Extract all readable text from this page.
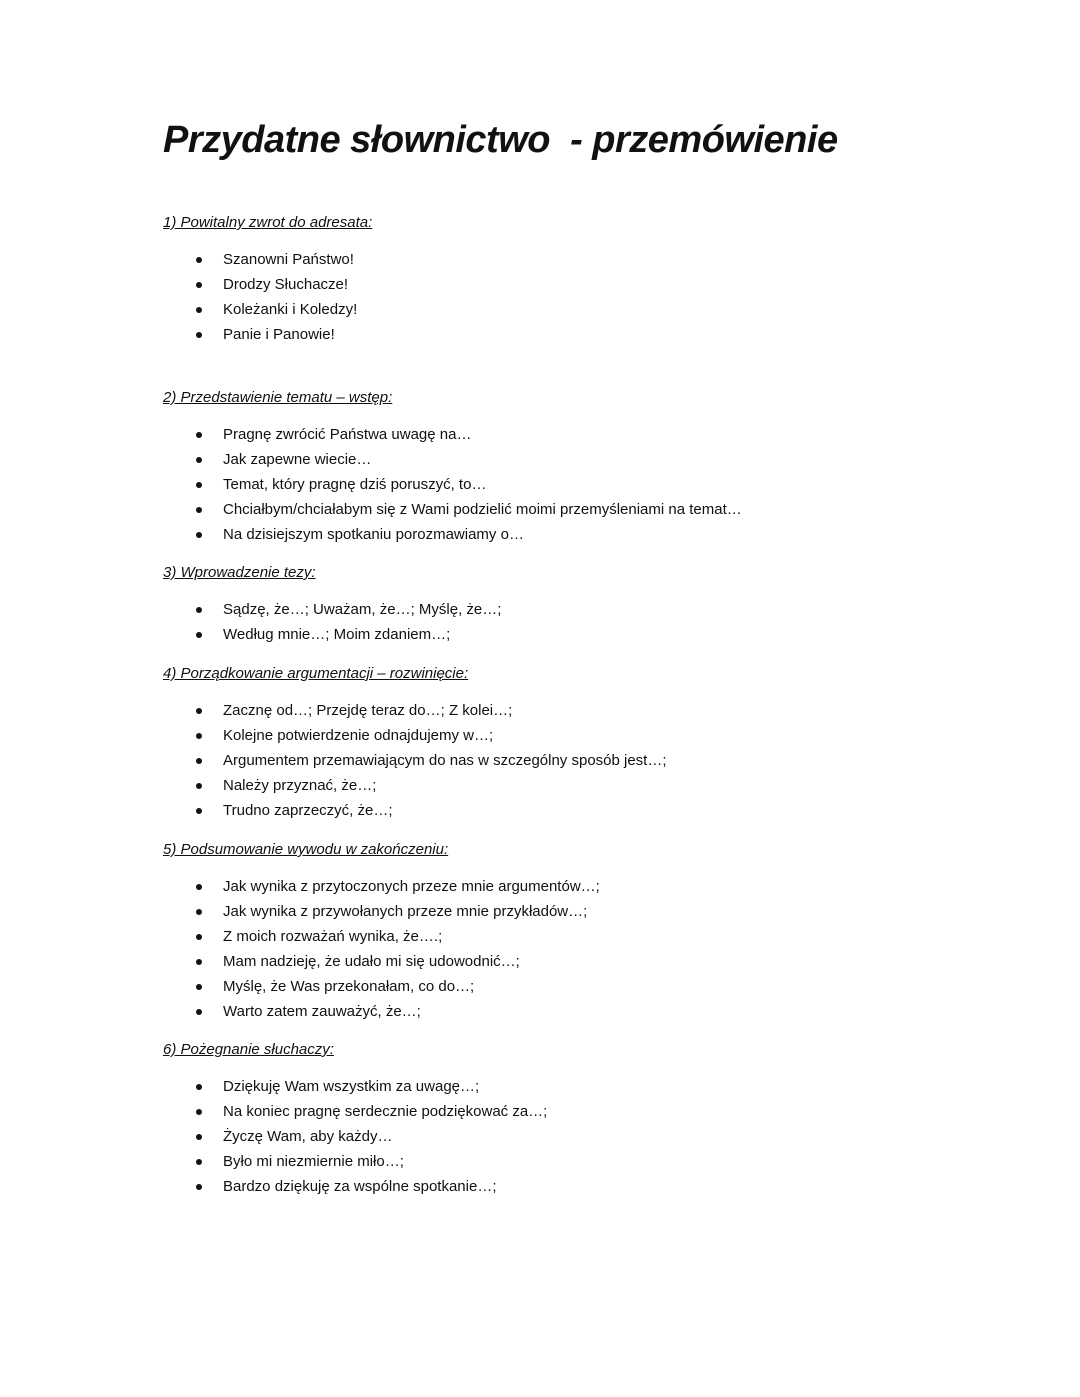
Przydatne słownictwo  - przemówienie

1) Powitalny zwrot do adresata:

Szanowni Państwo!
Drodzy Słuchacze!
Koleżanki i Koledzy!
Panie i Panowie!

2) Przedstawienie tematu – wstęp:

Pragnę zwrócić Państwa uwagę na…
Jak zapewne wiecie…
Temat, który pragnę dziś poruszyć, to…
Chciałbym/chciałabym się z Wami podzielić moimi przemyśleniami na temat…
Na dzisiejszym spotkaniu porozmawiamy o…

3) Wprowadzenie tezy:

Sądzę, że…; Uważam, że…; Myślę, że…;
Według mnie…; Moim zdaniem…;

4) Porządkowanie argumentacji – rozwinięcie:

Zacznę od…; Przejdę teraz do…; Z kolei…;
Kolejne potwierdzenie odnajdujemy w…;
Argumentem przemawiającym do nas w szczególny sposób jest…;
Należy przyznać, że…;
Trudno zaprzeczyć, że…;

5) Podsumowanie wywodu w zakończeniu:

Jak wynika z przytoczonych przeze mnie argumentów…;
Jak wynika z przywołanych przeze mnie przykładów…;
Z moich rozważań wynika, że….;
Mam nadzieję, że udało mi się udowodnić…;
Myślę, że Was przekonałam, co do…;
Warto zatem zauważyć, że…;

6) Pożegnanie słuchaczy:

Dziękuję Wam wszystkim za uwagę…;
Na koniec pragnę serdecznie podziękować za…;
Życzę Wam, aby każdy…
Było mi niezmiernie miło…;
Bardzo dziękuję za wspólne spotkanie…;
